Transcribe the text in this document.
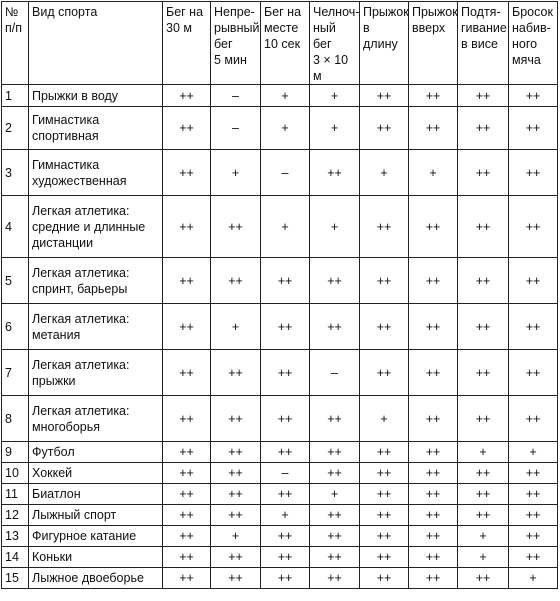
№
п/п	Вид спорта	Бег на
30 м	Непре-
рывный
бег
5 мин	Бег на
месте
10 сек	Челноч-
ный бег
3 × 10 м	Прыжок
в длину	Прыжок
вверх	Подтя-
гивание
в висе	Бросок
набив-
ного
мяча

1	Прыжки в воду	++	–	+	+	++	++	++	++
2	Гимнастика
спортивная	++	–	+	+	++	++	++	++
3	Гимнастика
художественная	++	+	–	++	+	+	++	++
4	Легкая атлетика:
средние и длинные
дистанции	++	++	+	+	++	++	++	++
5	Легкая атлетика:
спринт, барьеры	++	++	++	++	++	++	++	++
6	Легкая атлетика:
метания	++	+	++	++	++	++	++	++
7	Легкая атлетика:
прыжки	++	++	++	–	++	++	++	++
8	Легкая атлетика:
многоборья	++	++	++	++	+	++	++	++
9	Футбол	++	++	++	++	++	++	+	+
10	Хоккей	++	++	–	++	++	++	++	++
11	Биатлон	++	++	++	+	++	++	++	++
12	Лыжный спорт	++	++	+	++	++	++	++	++
13	Фигурное катание	++	+	++	++	++	++	+	++
14	Коньки	++	++	++	++	++	++	+	++
15	Лыжное двоеборье	++	++	++	++	++	++	++	+
